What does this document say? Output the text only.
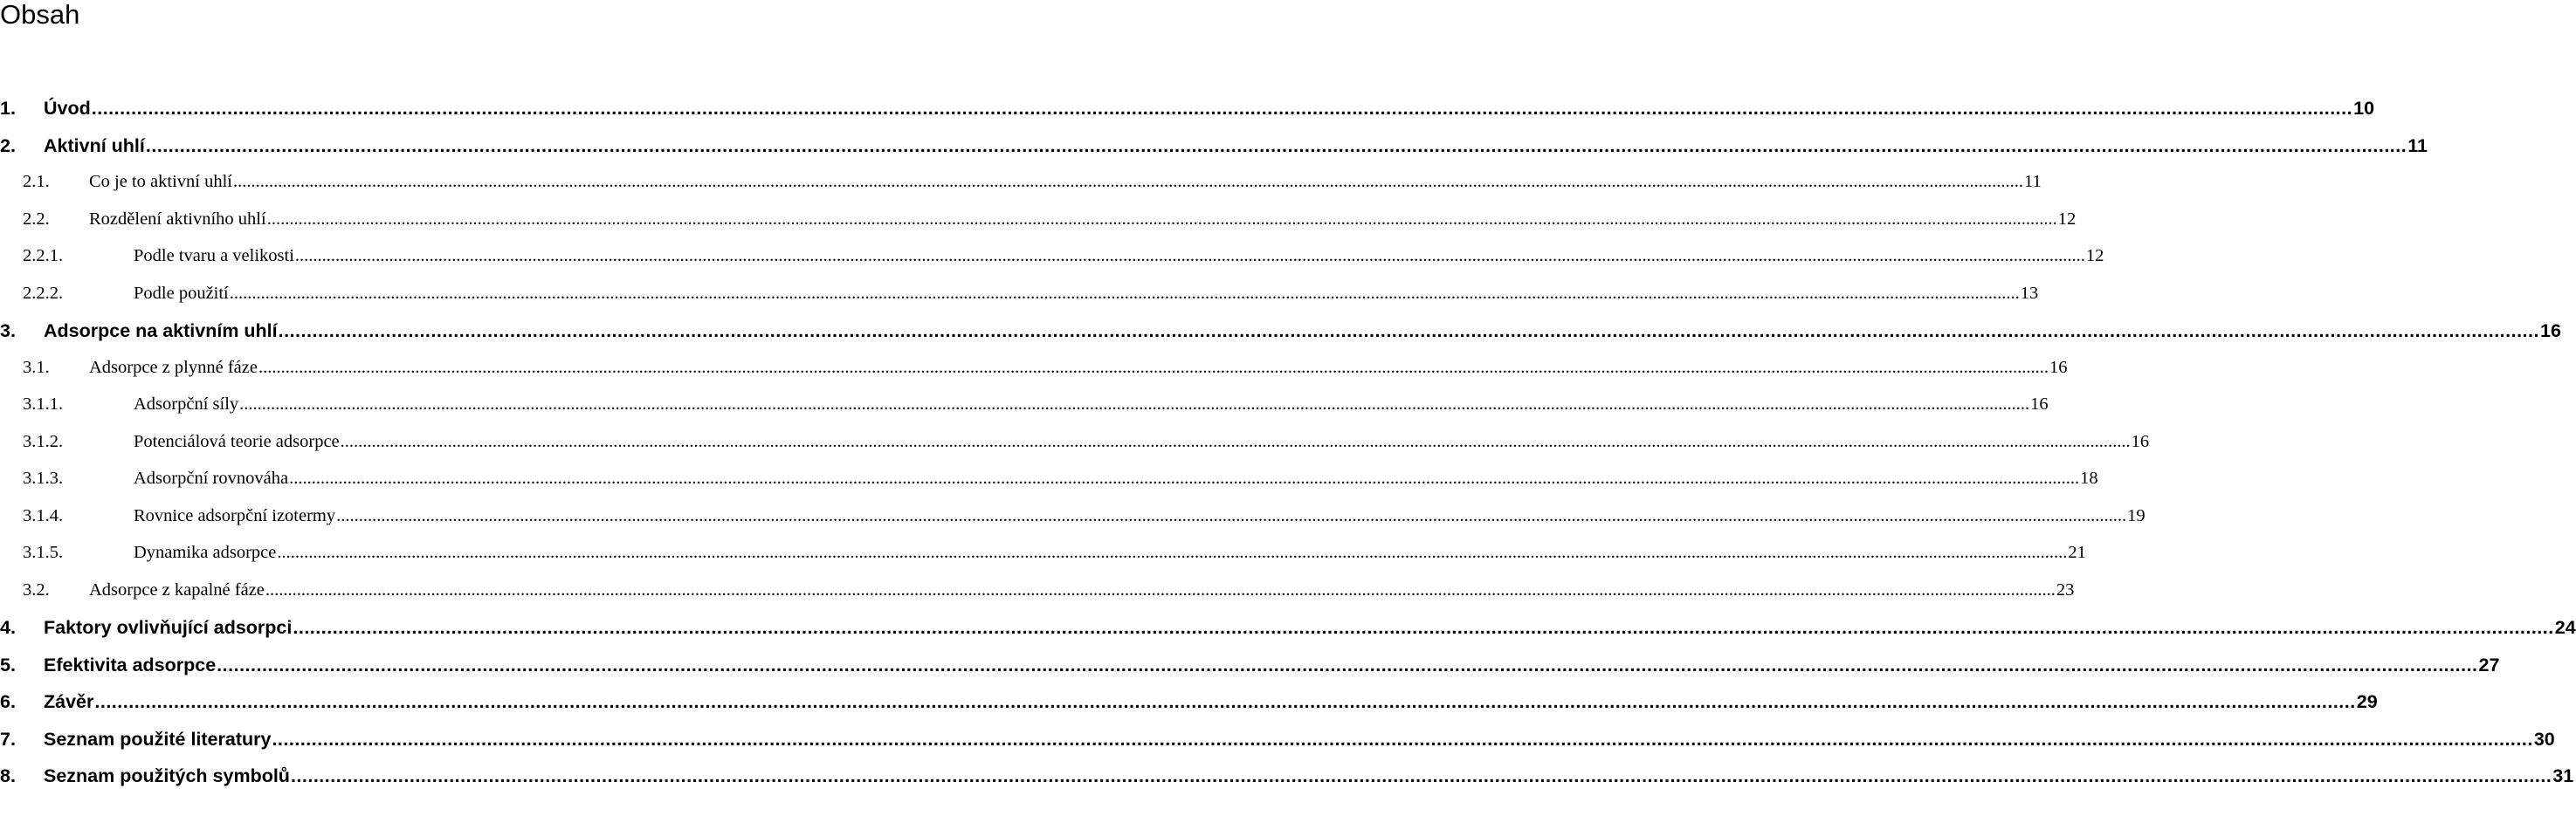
Obsah
1.	Úvod ................................................................................................................................................................................................................................................................................................................................................................................................................ 10
2.	Aktivní uhlí ................................................................................................................................................................................................................................................................................................................................................................................................................ 11
2.1.	Co je to aktivní uhlí ................................................................................................................................................................................................................................................................................................................................................................................................................ 11
2.2.	Rozdělení aktivního uhlí ................................................................................................................................................................................................................................................................................................................................................................................................................ 12
2.2.1.	Podle tvaru a velikosti ................................................................................................................................................................................................................................................................................................................................................................................................................ 12
2.2.2.	Podle použití ................................................................................................................................................................................................................................................................................................................................................................................................................ 13
3.	Adsorpce na aktivním uhlí ................................................................................................................................................................................................................................................................................................................................................................................................................ 16
3.1.	Adsorpce z plynné fáze ................................................................................................................................................................................................................................................................................................................................................................................................................ 16
3.1.1.	Adsorpční síly ................................................................................................................................................................................................................................................................................................................................................................................................................ 16
3.1.2.	Potenciálová teorie adsorpce ................................................................................................................................................................................................................................................................................................................................................................................................................ 16
3.1.3.	Adsorpční rovnováha ................................................................................................................................................................................................................................................................................................................................................................................................................ 18
3.1.4.	Rovnice adsorpční izotermy ................................................................................................................................................................................................................................................................................................................................................................................................................ 19
3.1.5.	Dynamika adsorpce ................................................................................................................................................................................................................................................................................................................................................................................................................ 21
3.2.	Adsorpce z kapalné fáze ................................................................................................................................................................................................................................................................................................................................................................................................................ 23
4.	Faktory ovlivňující adsorpci ................................................................................................................................................................................................................................................................................................................................................................................................................ 24
5.	Efektivita adsorpce ................................................................................................................................................................................................................................................................................................................................................................................................................ 27
6.	Závěr ................................................................................................................................................................................................................................................................................................................................................................................................................ 29
7.	Seznam použité literatury ................................................................................................................................................................................................................................................................................................................................................................................................................ 30
8.	Seznam použitých symbolů ................................................................................................................................................................................................................................................................................................................................................................................................................ 31
